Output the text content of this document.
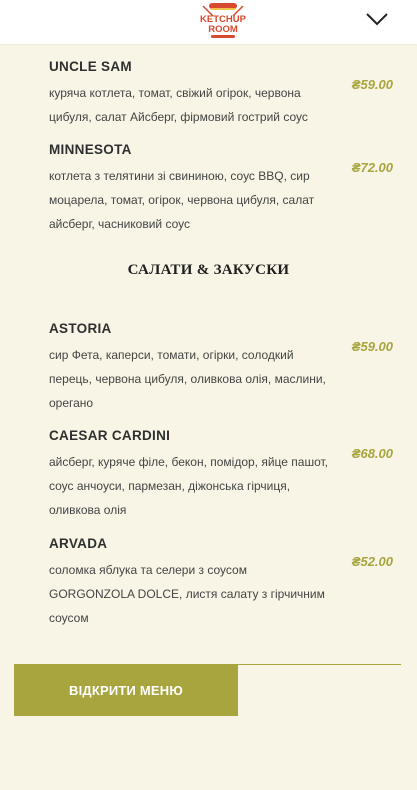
KETCHUP
ROOM
UNCLE SAM
куряча котлета, томат, свіжий огірок, червона цибуля, салат Айсберг, фірмовий гострий соус
₴59.00
MINNESOTA
котлета з телятини зі свининою, соус BBQ, сир моцарела, томат, огірок, червона цибуля, салат айсберг, часниковий соус
₴72.00
САЛАТИ & ЗАКУСКИ
ASTORIA
сир Фета, каперси, томати, огірки, солодкий перець, червона цибуля, оливкова олія, маслини, орегано
₴59.00
CAESAR CARDINI
айсберг, куряче філе, бекон, помідор, яйце пашот, соус анчоуси, пармезан, діжонська гірчиця, оливкова олія
₴68.00
ARVADA
соломка яблука та селери з соусом GORGONZOLA DOLCE, листя салату з гірчичним соусом
₴52.00
ВІДКРИТИ МЕНЮ
